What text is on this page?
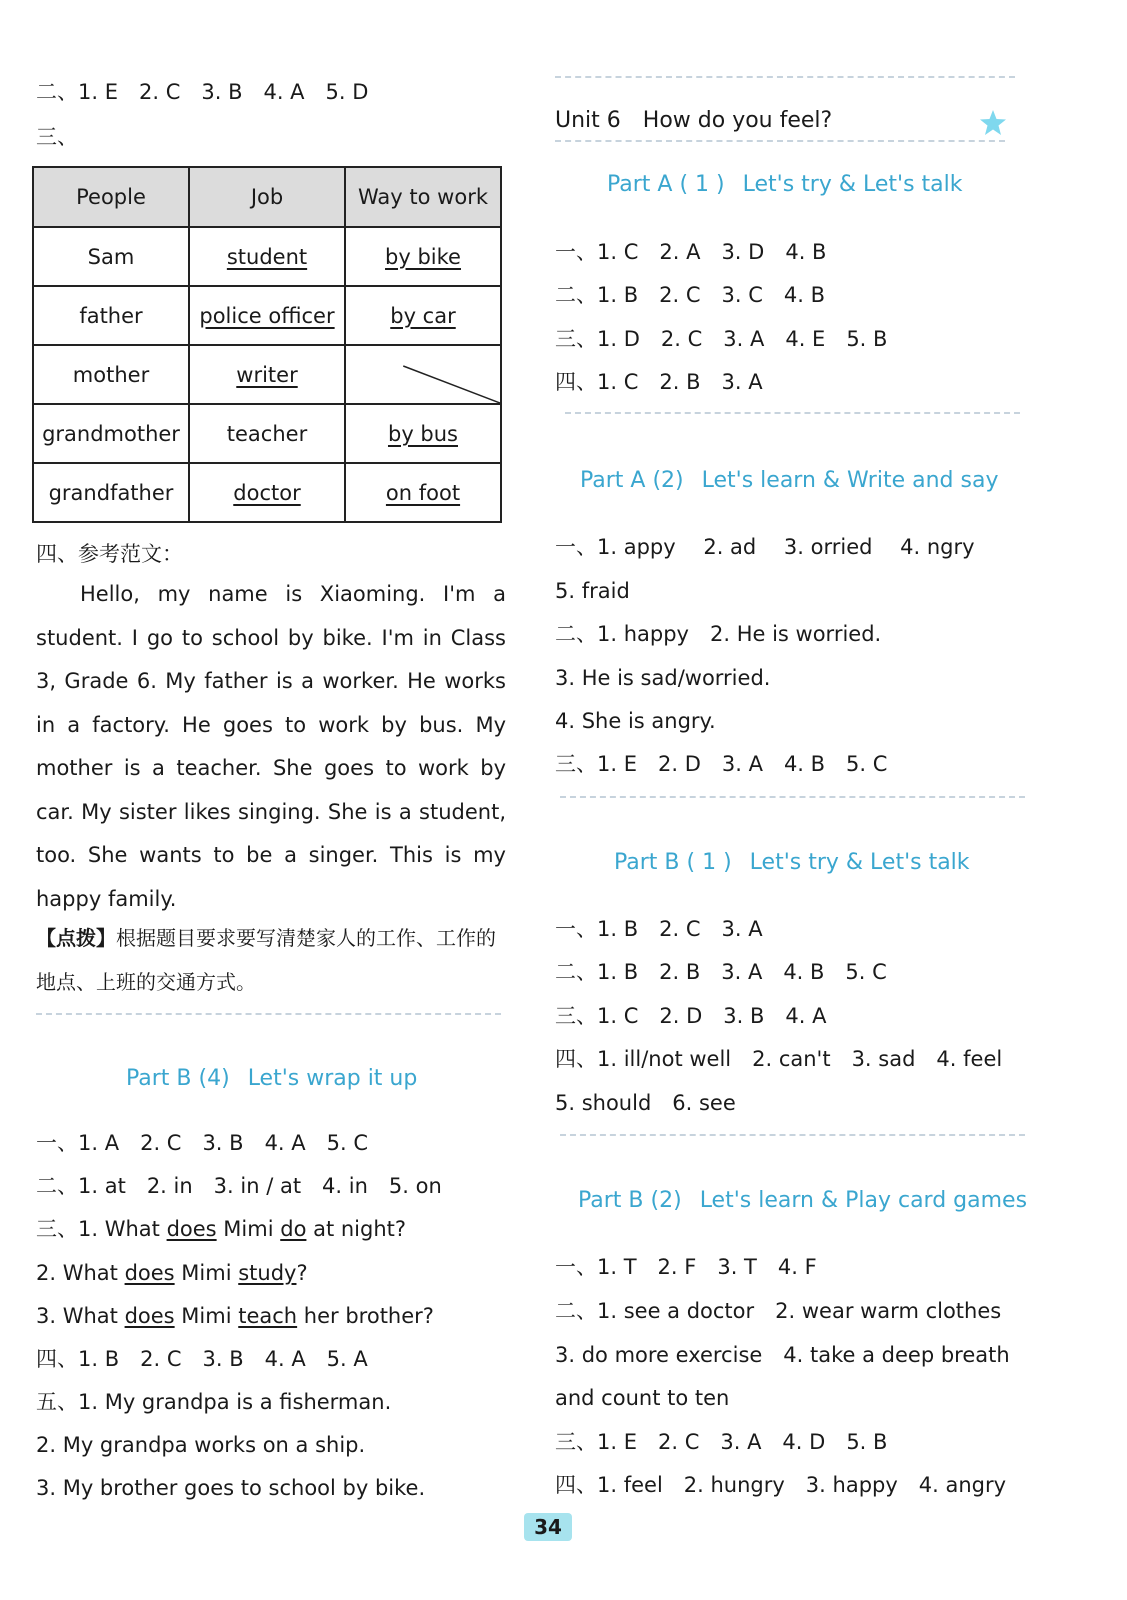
二、1. E　2. C　3. B　4. A　5. D
三、
四、参考范文：
Hello, my name is Xiaoming. I'm a student. I go to school by bike. I'm in Class 3, Grade 6. My father is a worker. He works in a factory. He goes to work by bus. My mother is a teacher. She goes to work by car. My sister likes singing. She is a student, too. She wants to be a singer. This is my happy family.
【点拨】根据题目要求要写清楚家人的工作、工作的地点、上班的交通方式。
Part B (4) Let's wrap it up
一、1. A　2. C　3. B　4. A　5. C
二、1. at　2. in　3. in / at　4. in　5. on
三、1. What does Mimi do at night?
2. What does Mimi study?
3. What does Mimi teach her brother?
四、1. B　2. C　3. B　4. A　5. A
五、1. My grandpa is a fisherman.
2. My grandpa works on a ship.
3. My brother goes to school by bike.
People	Job	Way to work
Sam	student	by bike
father	police officer	by car
mother	writer	

grandmother	teacher	by bus
grandfather	doctor	on foot
Unit 6 How do you feel?
Part A ( 1 ) Let's try & Let's talk
一、1. C　2. A　3. D　4. B
二、1. B　2. C　3. C　4. B
三、1. D　2. C　3. A　4. E　5. B
四、1. C　2. B　3. A
Part A (2) Let's learn & Write and say
一、1. appy　 2. ad　 3. orried　 4. ngry
5. fraid
二、1. happy　2. He is worried.
3. He is sad/worried.
4. She is angry.
三、1. E　2. D　3. A　4. B　5. C
Part B ( 1 ) Let's try & Let's talk
一、1. B　2. C　3. A
二、1. B　2. B　3. A　4. B　5. C
三、1. C　2. D　3. B　4. A
四、1. ill/not well　2. can't　3. sad　4. feel
5. should　6. see
Part B (2) Let's learn & Play card games
一、1. T　2. F　3. T　4. F
二、1. see a doctor　2. wear warm clothes
3. do more exercise　4. take a deep breath
and count to ten
三、1. E　2. C　3. A　4. D　5. B
四、1. feel　2. hungry　3. happy　4. angry
34
